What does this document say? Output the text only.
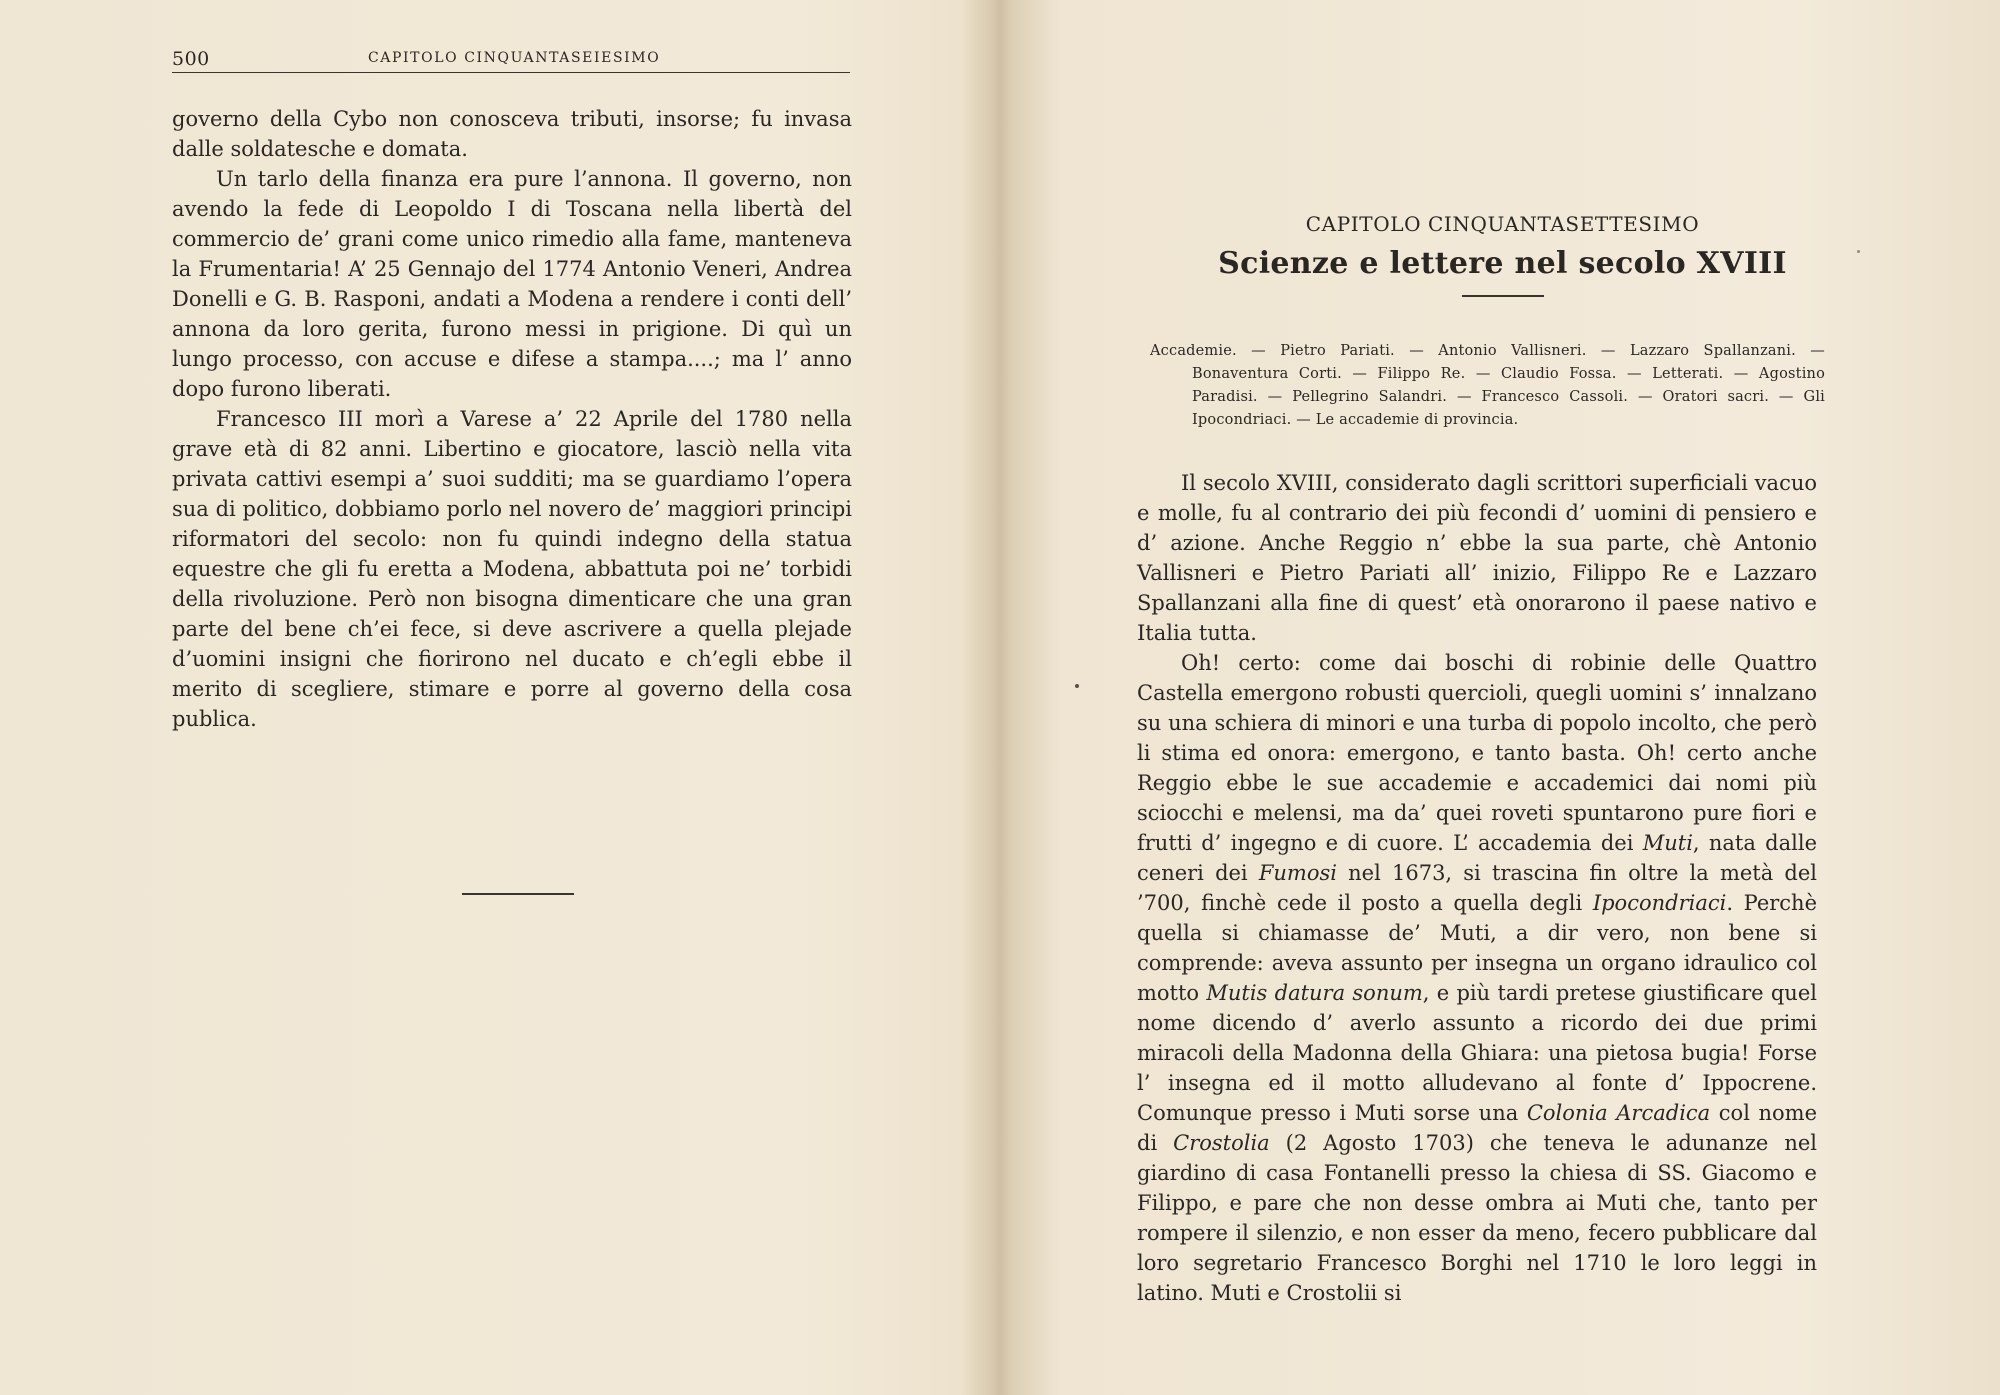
500	CAPITOLO CINQUANTASEIESIMO

governo della Cybo non conosceva tributi, insorse; fu invasa dalle soldatesche e domata.

Un tarlo della finanza era pure l’annona. Il governo, non avendo la fede di Leopoldo I di Toscana nella libertà del commercio de’ grani come unico rimedio alla fame, manteneva la Frumentaria! A’ 25 Gennajo del 1774 Antonio Veneri, Andrea Donelli e G. B. Rasponi, andati a Modena a rendere i conti dell’ annona da loro gerita, furono messi in prigione. Di quì un lungo processo, con accuse e difese a stampa....; ma l’ anno dopo furono liberati.

Francesco III morì a Varese a’ 22 Aprile del 1780 nella grave età di 82 anni. Libertino e giocatore, lasciò nella vita privata cattivi esempi a’ suoi sudditi; ma se guardiamo l’opera sua di politico, dobbiamo porlo nel novero de’ maggiori principi riformatori del secolo: non fu quindi indegno della statua equestre che gli fu eretta a Modena, abbattuta poi ne’ torbidi della rivoluzione. Però non bisogna dimenticare che una gran parte del bene ch’ei fece, si deve ascrivere a quella plejade d’uomini insigni che fiorirono nel ducato e ch’egli ebbe il merito di scegliere, stimare e porre al governo della cosa publica.

CAPITOLO CINQUANTASETTESIMO
Scienze e lettere nel secolo XVIII
Accademie. — Pietro Pariati. — Antonio Vallisneri. — Lazzaro Spallanzani. — Bonaventura Corti. — Filippo Re. — Claudio Fossa. — Letterati. — Agostino Paradisi. — Pellegrino Salandri. — Francesco Cassoli. — Oratori sacri. — Gli Ipocondriaci. — Le accademie di provincia.

Il secolo XVIII, considerato dagli scrittori superficiali vacuo e molle, fu al contrario dei più fecondi d’ uomini di pensiero e d’ azione. Anche Reggio n’ ebbe la sua parte, chè Antonio Vallisneri e Pietro Pariati all’ inizio, Filippo Re e Lazzaro Spallanzani alla fine di quest’ età onorarono il paese nativo e Italia tutta.

Oh! certo: come dai boschi di robinie delle Quattro Castella emergono robusti quercioli, quegli uomini s’ innalzano su una schiera di minori e una turba di popolo incolto, che però li stima ed onora: emergono, e tanto basta. Oh! certo anche Reggio ebbe le sue accademie e accademici dai nomi più sciocchi e melensi, ma da’ quei roveti spuntarono pure fiori e frutti d’ ingegno e di cuore. L’ accademia dei Muti, nata dalle ceneri dei Fumosi nel 1673, si trascina fin oltre la metà del ’700, finchè cede il posto a quella degli Ipocondriaci. Perchè quella si chiamasse de’ Muti, a dir vero, non bene si comprende: aveva assunto per insegna un organo idraulico col motto Mutis datura sonum, e più tardi pretese giustificare quel nome dicendo d’ averlo assunto a ricordo dei due primi miracoli della Madonna della Ghiara: una pietosa bugia! Forse l’ insegna ed il motto alludevano al fonte d’ Ippocrene. Comunque presso i Muti sorse una Colonia Arcadica col nome di Crostolia (2 Agosto 1703) che teneva le adunanze nel giardino di casa Fontanelli presso la chiesa di SS. Giacomo e Filippo, e pare che non desse ombra ai Muti che, tanto per rompere il silenzio, e non esser da meno, fecero pubblicare dal loro segretario Francesco Borghi nel 1710 le loro leggi in latino. Muti e Crostolii si
